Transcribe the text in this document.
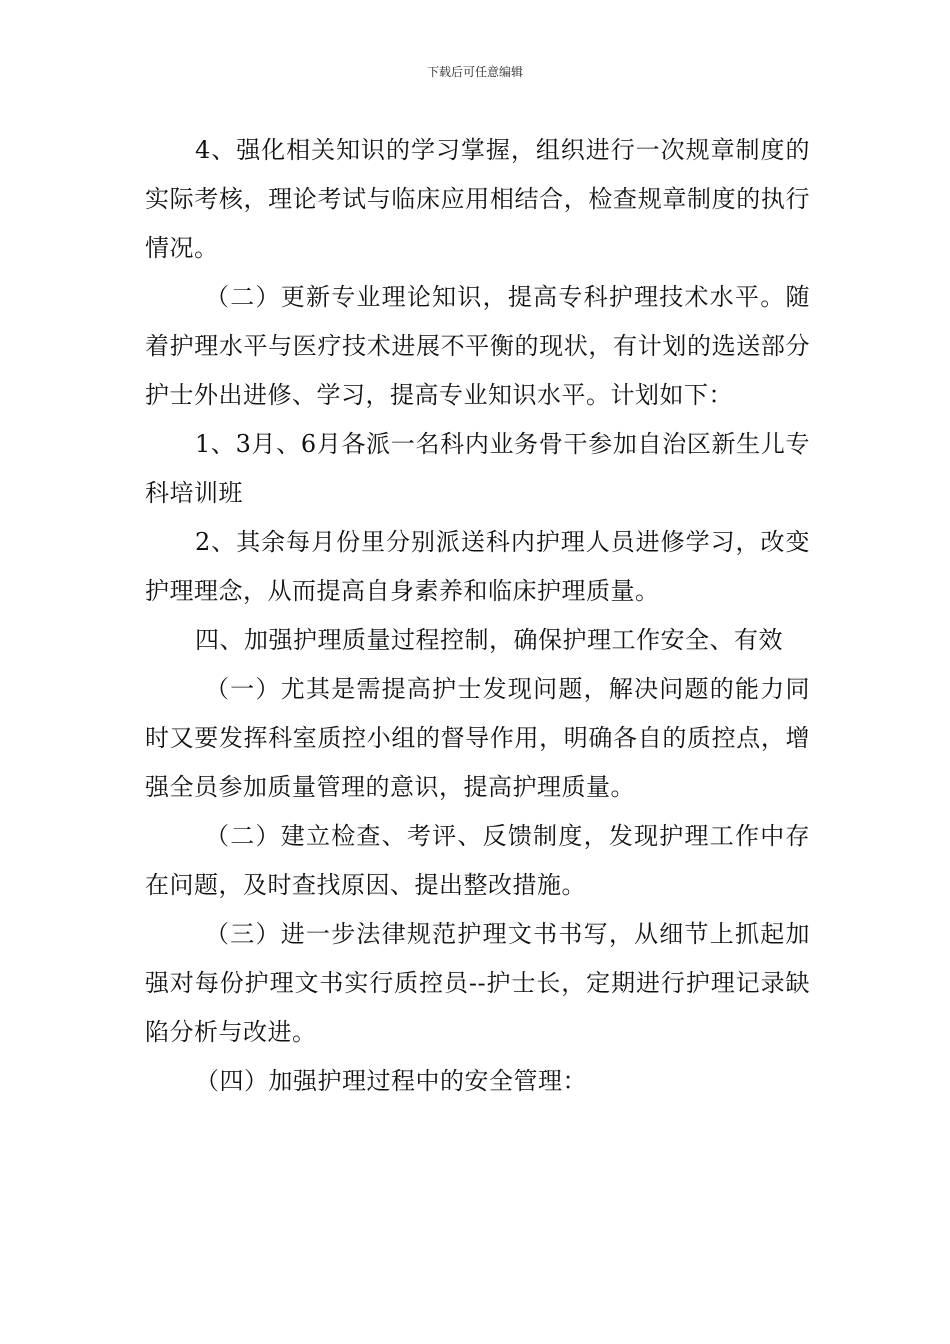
下载后可任意编辑

4、强化相关知识的学习掌握，组织进行一次规章制度的实际考核，理论考试与临床应用相结合，检查规章制度的执行情况。

（二）更新专业理论知识，提高专科护理技术水平。随着护理水平与医疗技术进展不平衡的现状，有计划的选送部分护士外出进修、学习，提高专业知识水平。计划如下：

1、3月、6月各派一名科内业务骨干参加自治区新生儿专科培训班

2、其余每月份里分别派送科内护理人员进修学习，改变护理理念，从而提高自身素养和临床护理质量。

四、加强护理质量过程控制，确保护理工作安全、有效

（一）尤其是需提高护士发现问题，解决问题的能力同时又要发挥科室质控小组的督导作用，明确各自的质控点，增强全员参加质量管理的意识，提高护理质量。

（二）建立检查、考评、反馈制度，发现护理工作中存在问题，及时查找原因、提出整改措施。

（三）进一步法律规范护理文书书写，从细节上抓起加强对每份护理文书实行质控员--护士长，定期进行护理记录缺陷分析与改进。

（四）加强护理过程中的安全管理：
